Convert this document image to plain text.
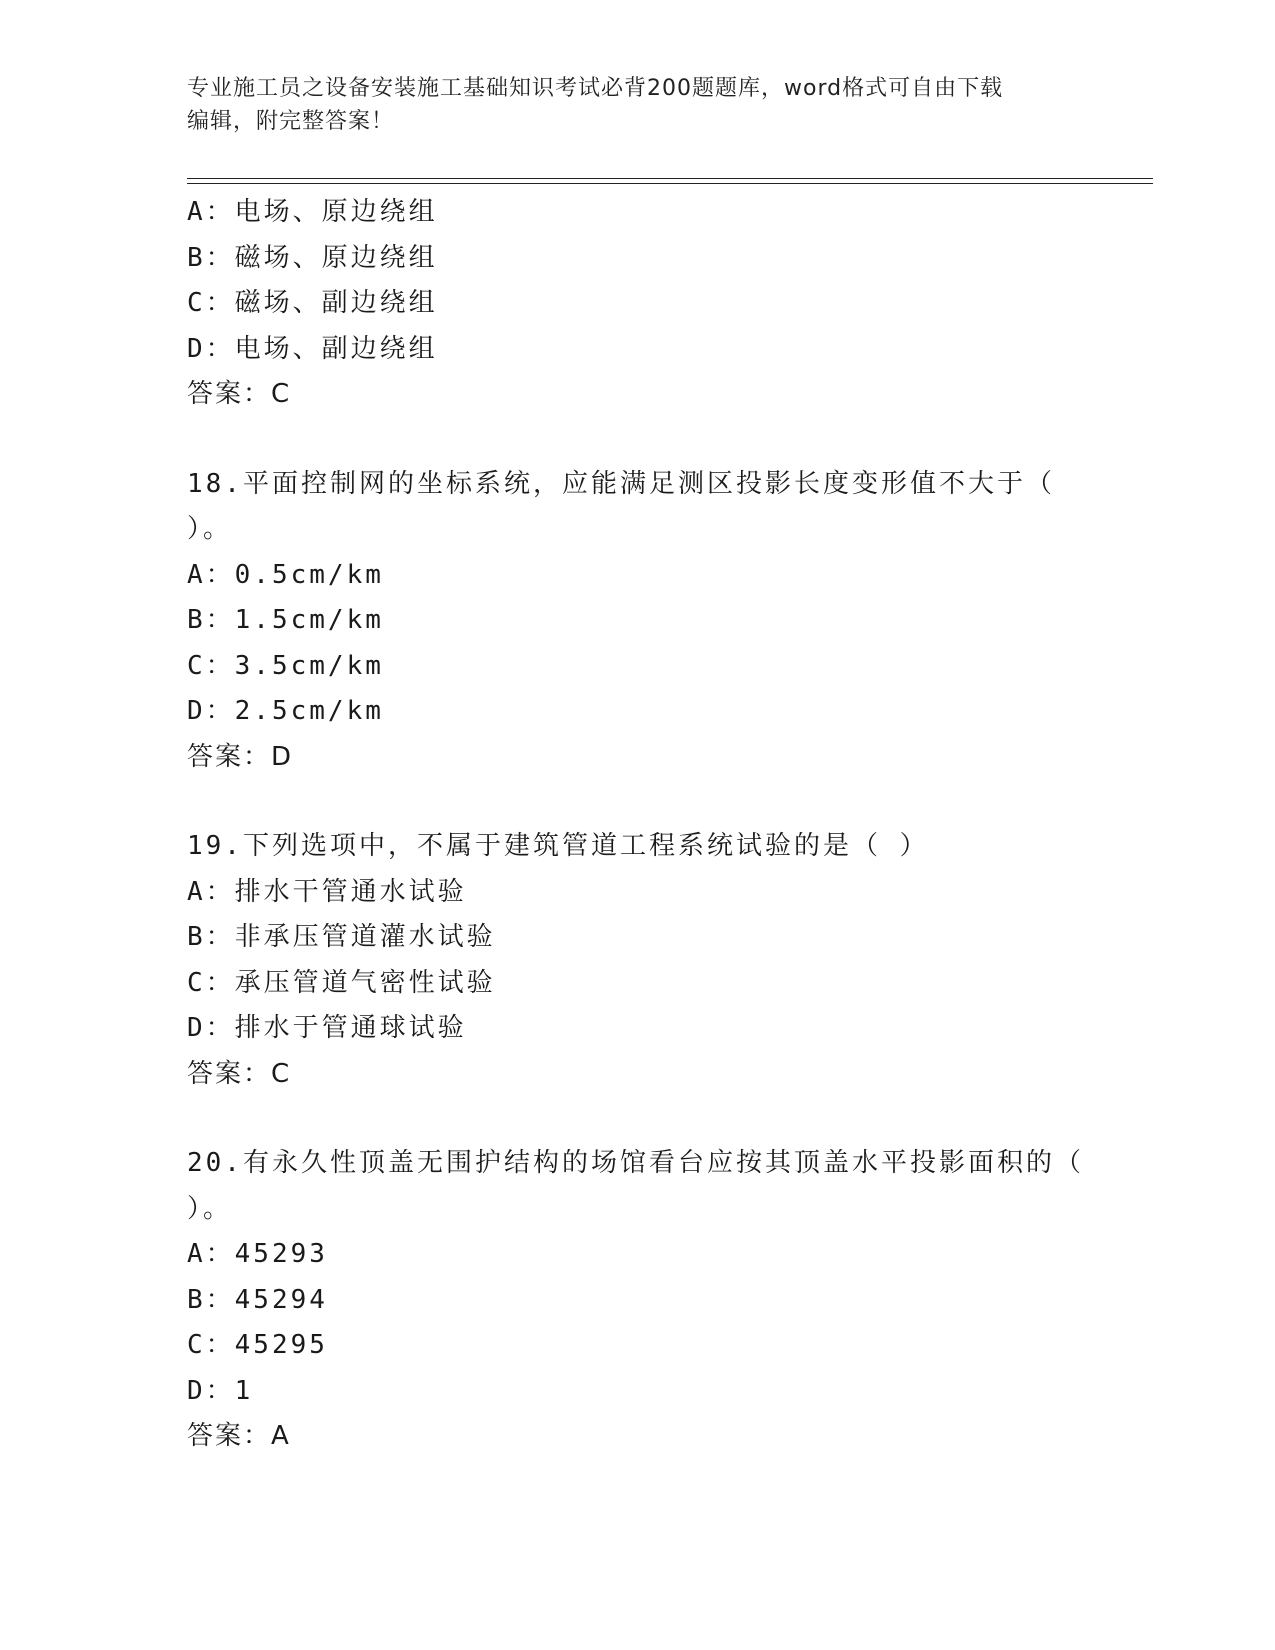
专业施工员之设备安装施工基础知识考试必背200题题库，word格式可自由下载
编辑，附完整答案！
A：电场、原边绕组
B：磁场、原边绕组
C：磁场、副边绕组
D：电场、副边绕组
答案：C
18.平面控制网的坐标系统，应能满足测区投影长度变形值不大于（
）。
A：0.5cm/km
B：1.5cm/km
C：3.5cm/km
D：2.5cm/km
答案：D
19.下列选项中，不属于建筑管道工程系统试验的是（ ）
A：排水干管通水试验
B：非承压管道灌水试验
C：承压管道气密性试验
D：排水于管通球试验
答案：C
20.有永久性顶盖无围护结构的场馆看台应按其顶盖水平投影面积的（
）。
A：45293
B：45294
C：45295
D：1
答案：A
